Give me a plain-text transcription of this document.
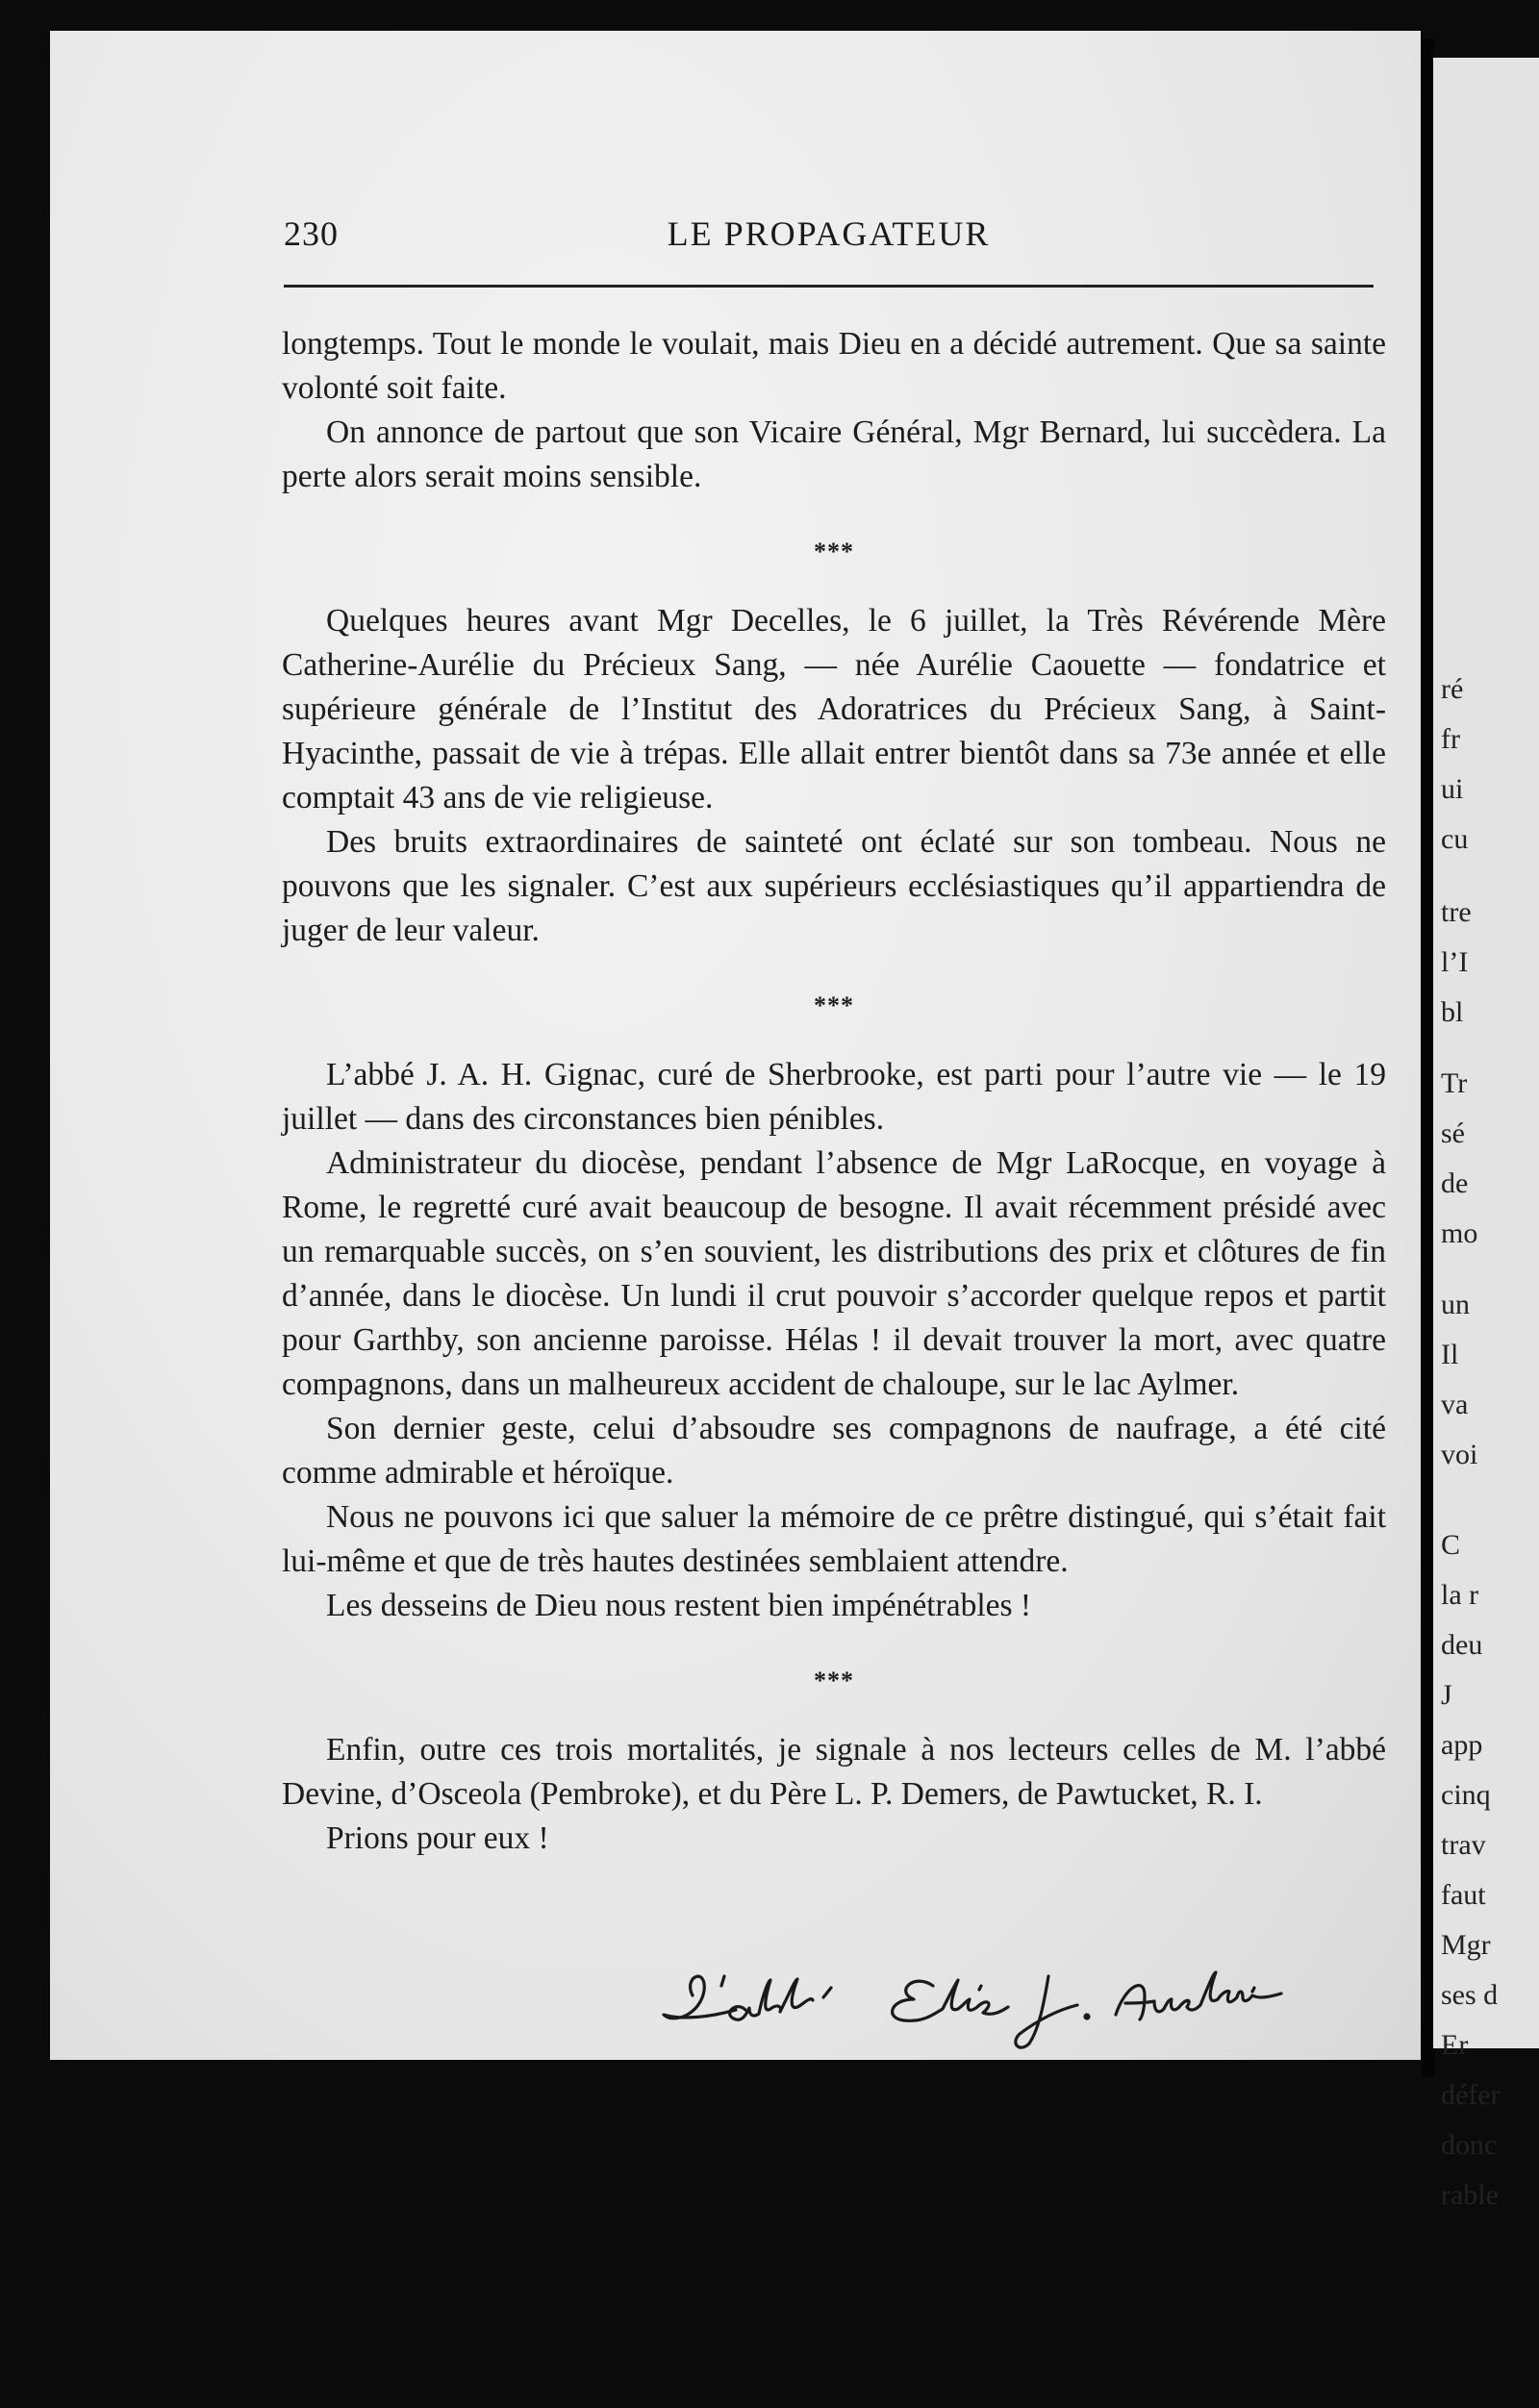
ré
fr
ui
cu
tre
l’I
bl
Tr
sé
de
mo
un
Il
va
voi
C
la r
deu
J
app
cinq
trav
faut
Mgr
ses d
Er
défer
donc
rable
230	LE PROPAGATEUR

longtemps. Tout le monde le voulait, mais Dieu en a décidé autrement. Que sa sainte volonté soit faite.

On annonce de partout que son Vicaire Général, Mgr Bernard, lui succèdera. La perte alors serait moins sensible.

***

Quelques heures avant Mgr Decelles, le 6 juillet, la Très Révérende Mère Catherine-Aurélie du Précieux Sang, — née Aurélie Caouette — fondatrice et supérieure générale de l’Institut des Adoratrices du Précieux Sang, à Saint-Hyacinthe, passait de vie à trépas. Elle allait entrer bientôt dans sa 73e année et elle comptait 43 ans de vie religieuse.

Des bruits extraordinaires de sainteté ont éclaté sur son tombeau. Nous ne pouvons que les signaler. C’est aux supérieurs ecclésiastiques qu’il appartiendra de juger de leur valeur.

***

L’abbé J. A. H. Gignac, curé de Sherbrooke, est parti pour l’autre vie — le 19 juillet — dans des circonstances bien pénibles.

Administrateur du diocèse, pendant l’absence de Mgr LaRocque, en voyage à Rome, le regretté curé avait beaucoup de besogne. Il avait récemment présidé avec un remarquable succès, on s’en souvient, les distributions des prix et clôtures de fin d’année, dans le diocèse. Un lundi il crut pouvoir s’accorder quelque repos et partit pour Garthby, son ancienne paroisse. Hélas ! il devait trouver la mort, avec quatre compagnons, dans un malheureux accident de chaloupe, sur le lac Aylmer.

Son dernier geste, celui d’absoudre ses compagnons de naufrage, a été cité comme admirable et héroïque.

Nous ne pouvons ici que saluer la mémoire de ce prêtre distingué, qui s’était fait lui-même et que de très hautes destinées semblaient attendre.

Les desseins de Dieu nous restent bien impénétrables !

***

Enfin, outre ces trois mortalités, je signale à nos lecteurs celles de M. l’abbé Devine, d’Osceola (Pembroke), et du Père L. P. Demers, de Pawtucket, R. I.

Prions pour eux !
